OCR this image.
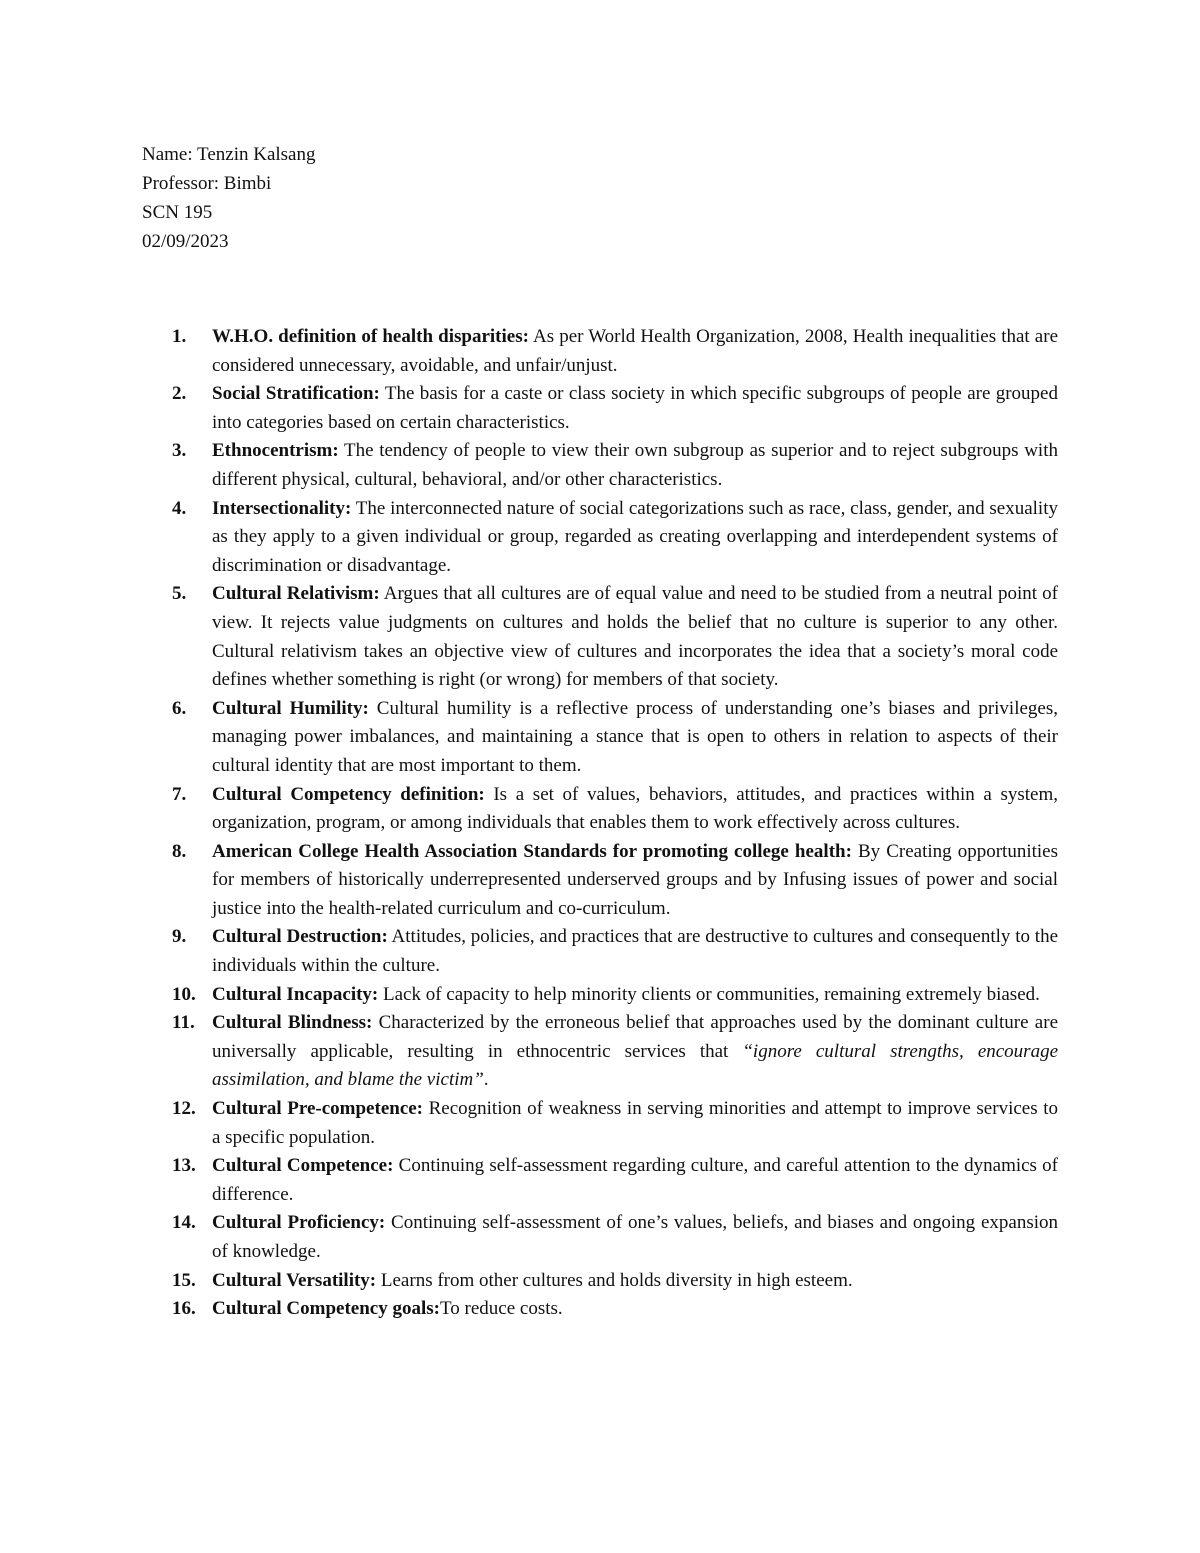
Name: Tenzin Kalsang
Professor: Bimbi
SCN 195
02/09/2023
1. W.H.O. definition of health disparities: As per World Health Organization, 2008, Health inequalities that are considered unnecessary, avoidable, and unfair/unjust.
2. Social Stratification: The basis for a caste or class society in which specific subgroups of people are grouped into categories based on certain characteristics.
3. Ethnocentrism: The tendency of people to view their own subgroup as superior and to reject subgroups with different physical, cultural, behavioral, and/or other characteristics.
4. Intersectionality: The interconnected nature of social categorizations such as race, class, gender, and sexuality as they apply to a given individual or group, regarded as creating overlapping and interdependent systems of discrimination or disadvantage.
5. Cultural Relativism: Argues that all cultures are of equal value and need to be studied from a neutral point of view. It rejects value judgments on cultures and holds the belief that no culture is superior to any other. Cultural relativism takes an objective view of cultures and incorporates the idea that a society’s moral code defines whether something is right (or wrong) for members of that society.
6. Cultural Humility: Cultural humility is a reflective process of understanding one’s biases and privileges, managing power imbalances, and maintaining a stance that is open to others in relation to aspects of their cultural identity that are most important to them.
7. Cultural Competency definition: Is a set of values, behaviors, attitudes, and practices within a system, organization, program, or among individuals that enables them to work effectively across cultures.
8. American College Health Association Standards for promoting college health: By Creating opportunities for members of historically underrepresented underserved groups and by Infusing issues of power and social justice into the health-related curriculum and co-curriculum.
9. Cultural Destruction: Attitudes, policies, and practices that are destructive to cultures and consequently to the individuals within the culture.
10. Cultural Incapacity: Lack of capacity to help minority clients or communities, remaining extremely biased.
11. Cultural Blindness: Characterized by the erroneous belief that approaches used by the dominant culture are universally applicable, resulting in ethnocentric services that “ignore cultural strengths, encourage assimilation, and blame the victim”.
12. Cultural Pre-competence: Recognition of weakness in serving minorities and attempt to improve services to a specific population.
13. Cultural Competence: Continuing self-assessment regarding culture, and careful attention to the dynamics of difference.
14. Cultural Proficiency: Continuing self-assessment of one’s values, beliefs, and biases and ongoing expansion of knowledge.
15. Cultural Versatility: Learns from other cultures and holds diversity in high esteem.
16. Cultural Competency goals:To reduce costs.
